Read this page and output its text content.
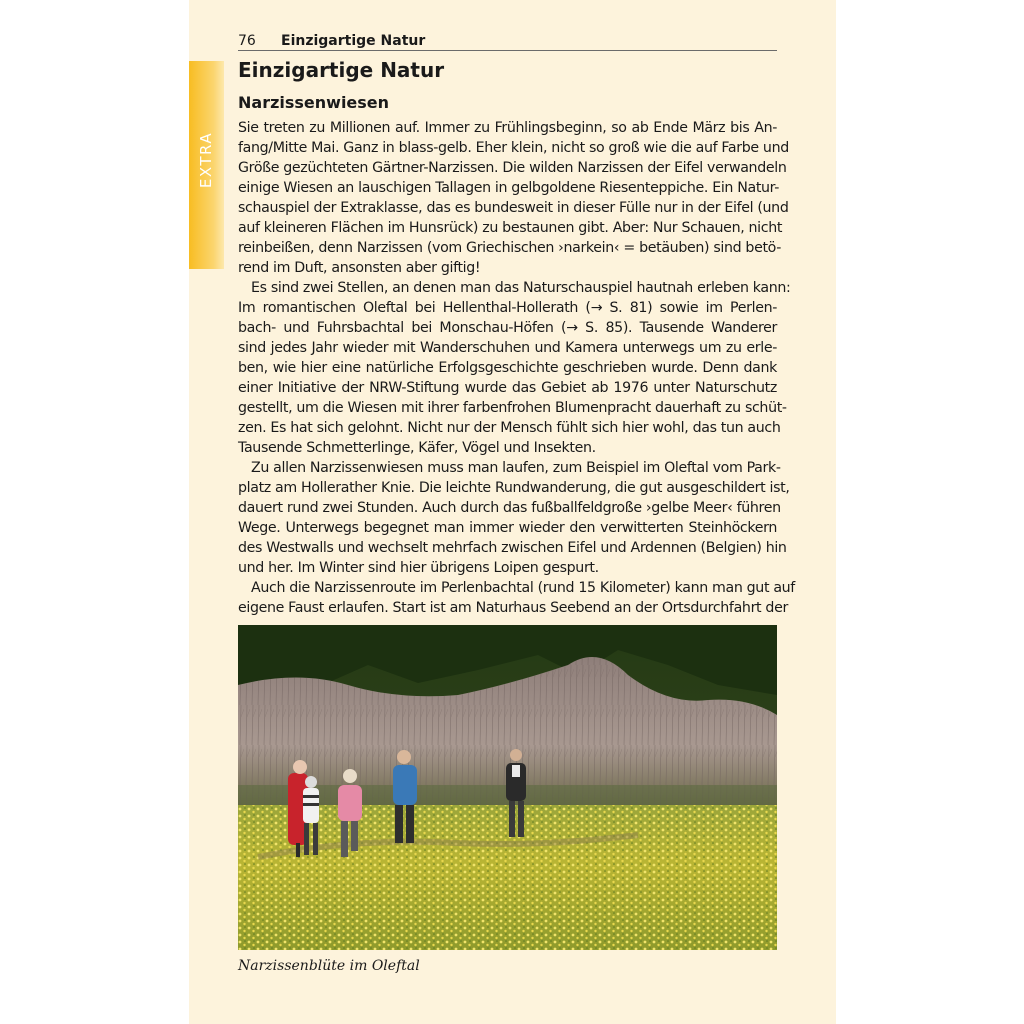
76 Einzigartige Natur
EXTRA
Einzigartige Natur
Narzissenwiesen
Sie treten zu Millionen auf. Immer zu Frühlingsbeginn, so ab Ende März bis An-
fang/Mitte Mai. Ganz in blass-gelb. Eher klein, nicht so groß wie die auf Farbe und
Größe gezüchteten Gärtner-Narzissen. Die wilden Narzissen der Eifel verwandeln
einige Wiesen an lauschigen Tallagen in gelbgoldene Riesenteppiche. Ein Natur-
schauspiel der Extraklasse, das es bundesweit in dieser Fülle nur in der Eifel (und
auf kleineren Flächen im Hunsrück) zu bestaunen gibt. Aber: Nur Schauen, nicht
reinbeißen, denn Narzissen (vom Griechischen ›narkein‹ = betäuben) sind betö-
rend im Duft, ansonsten aber giftig!
Es sind zwei Stellen, an denen man das Naturschauspiel hautnah erleben kann:
Im romantischen Oleftal bei Hellenthal-Hollerath (→ S. 81) sowie im Perlen-
bach- und Fuhrsbachtal bei Monschau-Höfen (→ S. 85). Tausende Wanderer
sind jedes Jahr wieder mit Wanderschuhen und Kamera unterwegs um zu erle-
ben, wie hier eine natürliche Erfolgsgeschichte geschrieben wurde. Denn dank
einer Initiative der NRW-Stiftung wurde das Gebiet ab 1976 unter Naturschutz
gestellt, um die Wiesen mit ihrer farbenfrohen Blumenpracht dauerhaft zu schüt-
zen. Es hat sich gelohnt. Nicht nur der Mensch fühlt sich hier wohl, das tun auch
Tausende Schmetterlinge, Käfer, Vögel und Insekten.
Zu allen Narzissenwiesen muss man laufen, zum Beispiel im Oleftal vom Park-
platz am Hollerather Knie. Die leichte Rundwanderung, die gut ausgeschildert ist,
dauert rund zwei Stunden. Auch durch das fußballfeldgroße ›gelbe Meer‹ führen
Wege. Unterwegs begegnet man immer wieder den verwitterten Steinhöckern
des Westwalls und wechselt mehrfach zwischen Eifel und Ardennen (Belgien) hin
und her. Im Winter sind hier übrigens Loipen gespurt.
Auch die Narzissenroute im Perlenbachtal (rund 15 Kilometer) kann man gut auf
eigene Faust erlaufen. Start ist am Naturhaus Seebend an der Ortsdurchfahrt der
Narzissenblüte im Oleftal
